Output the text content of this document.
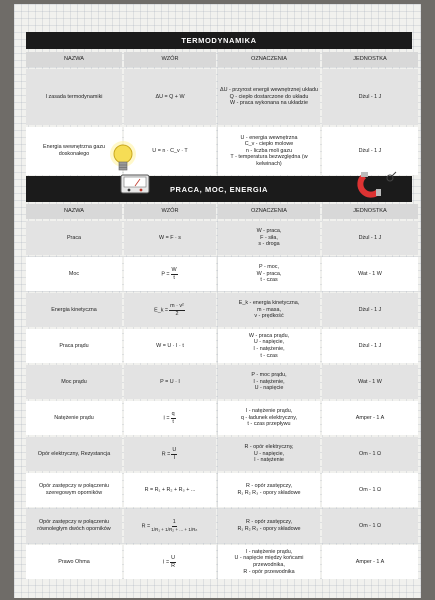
TERMODYNAMIKA
NAZWA	WZÓR	OZNACZENIA	JEDNOSTKA
I zasada termodynamiki	ΔU = Q + W	ΔU - przyrost energii wewnętrznej układu
Q - ciepło dostarczone do układu
W - praca wykonana na układzie	Dżul - 1 J
Energia wewnętrzna gazu doskonałego	U = n · C_v · T	U - energia wewnętrzna
C_v - ciepło molowe
n - liczba moli gazu
T - temperatura bezwzględna (w kelwinach)	Dżul - 1 J
PRACA, MOC, ENERGIA
NAZWA	WZÓR	OZNACZENIA	JEDNOSTKA
Praca	W = F · s	W - praca,
F - siła,
s - droga	Dżul - 1 J
Moc	$P = \frac{W}{t}$	P - moc,
W - praca,
t - czas	Wat - 1 W
Energia kinetyczna	E_k = $\frac{\text{m · v²}}{2}$	E_k - energia kinetyczna,
m - masa,
v - prędkość	Dżul - 1 J
Praca prądu	W = U · I · t	W - praca prądu,
U - napięcie,
I - natężenie,
t - czas	Dżul - 1 J
Moc prądu	P = U · I	P - moc prądu,
I - natężenie,
U - napięcie	Wat - 1 W
Natężenie prądu	$I = \frac{q}{t}$	I - natężenie prądu,
q - ładunek elektryczny,
t - czas przepływu	Amper - 1 A
Opór elektryczny, Rezystancja	$R = \frac{U}{I}$	R - opór elektryczny,
U - napięcie,
I - natężenie	Om - 1 Ω
Opór zastępczy w połączeniu szeregowym oporników	R = R₁ + R₂ + R₃ + ...	R - opór zastępczy,
R₁ R₂ R₃ - opory składowe	Om - 1 Ω
Opór zastępczy w połączeniu równoległym dwóch oporników	$R = \frac{1}{\text{1/R₁ + 1/R₂ + ... + 1/Rₙ}}$	R - opór zastępczy,
R₁ R₂ R₃ - opory składowe	Om - 1 Ω
Prawo Ohma	$I = \frac{U}{R}$	I - natężenie prądu,
U - napięcie między końcami przewodnika,
R - opór przewodnika	Amper - 1 A
